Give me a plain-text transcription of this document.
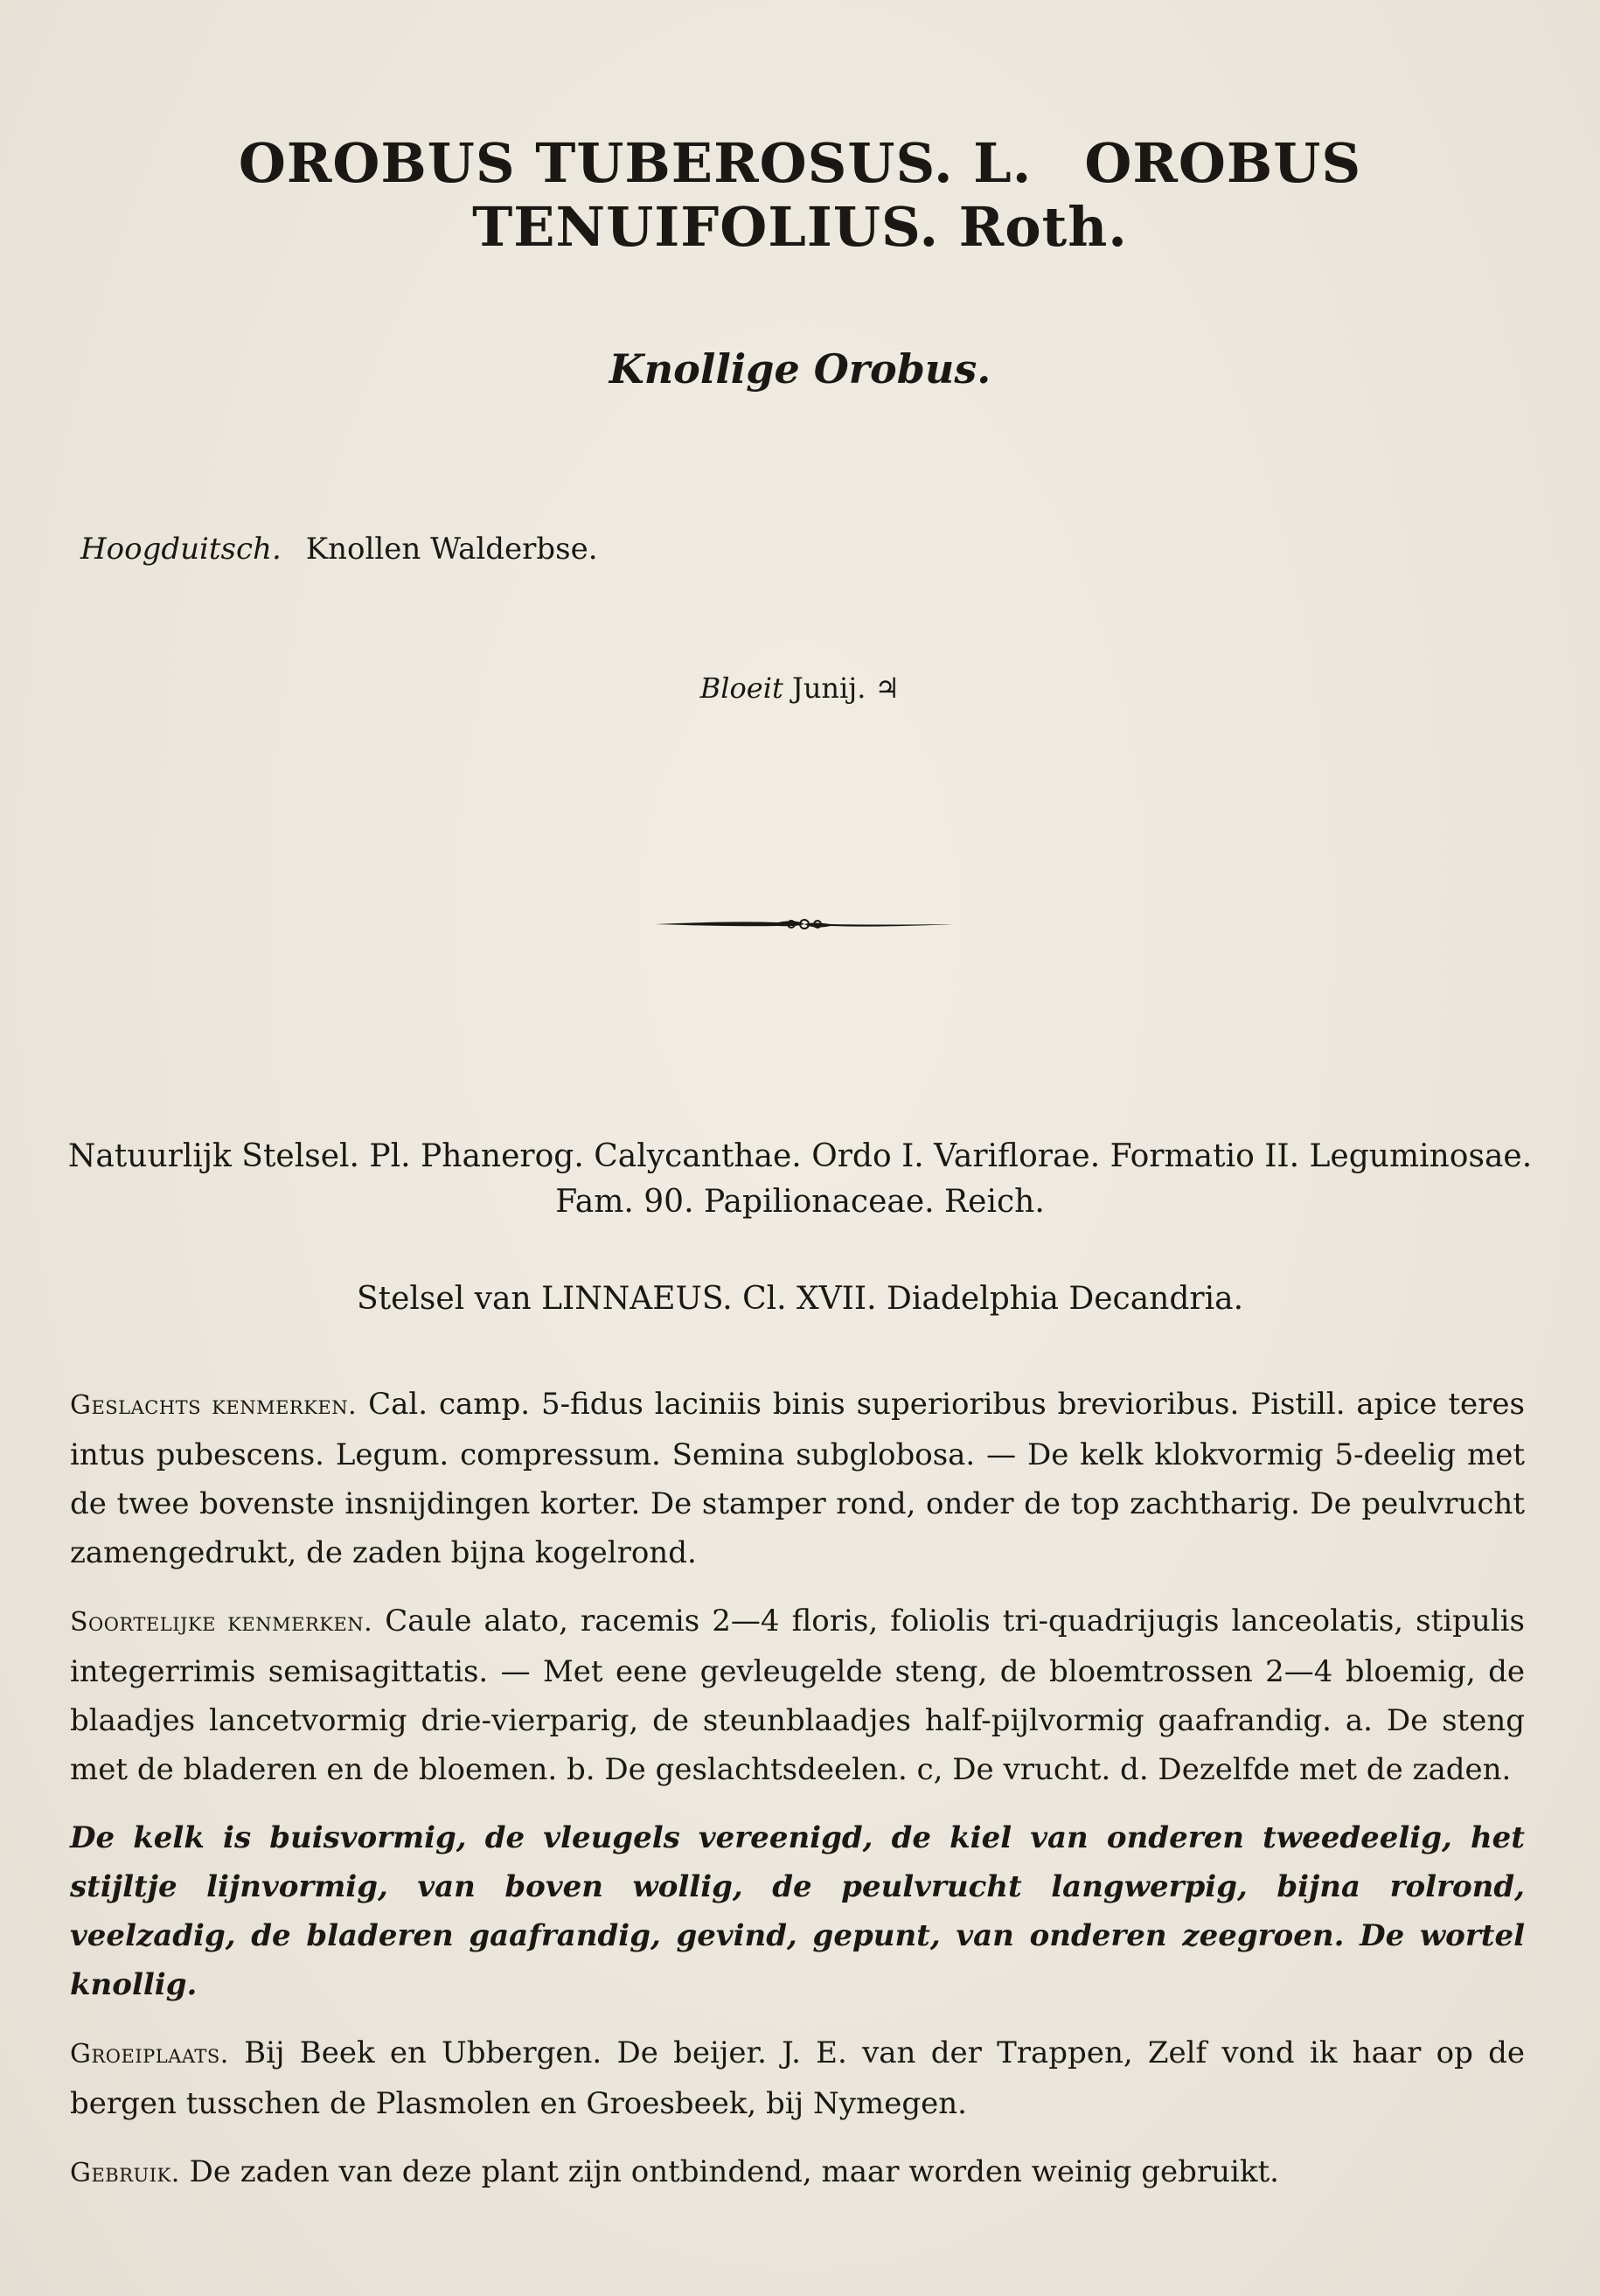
OROBUS TUBEROSUS. L. OROBUS TENUIFOLIUS. Roth.
Knollige Orobus.
Hoogduitsch. Knollen Walderbse.
Bloeit Junij. ♃
Natuurlijk Stelsel. Pl. Phanerog. Calycanthae. Ordo I. Variflorae. Formatio II. Leguminosae.
Fam. 90. Papilionaceae. Reich.
Stelsel van LINNAEUS. Cl. XVII. Diadelphia Decandria.

Geslachts kenmerken. Cal. camp. 5-fidus laciniis binis superioribus brevioribus. Pistill. apice teres intus pubescens. Legum. compressum. Semina subglobosa. — De kelk klokvormig 5-deelig met de twee bovenste insnijdingen korter. De stamper rond, onder de top zachtharig. De peulvrucht zamengedrukt, de zaden bijna kogelrond.

Soortelijke kenmerken. Caule alato, racemis 2—4 floris, foliolis tri-quadrijugis lanceolatis, stipulis integerrimis semisagittatis. — Met eene gevleugelde steng, de bloemtrossen 2—4 bloemig, de blaadjes lancetvormig drie-vierparig, de steunblaadjes half-pijlvormig gaafrandig. a. De steng met de bladeren en de bloemen. b. De geslachtsdeelen. c, De vrucht. d. Dezelfde met de zaden.

De kelk is buisvormig, de vleugels vereenigd, de kiel van onderen tweedeelig, het stijltje lijnvormig, van boven wollig, de peulvrucht langwerpig, bijna rolrond, veelzadig, de bladeren gaafrandig, gevind, gepunt, van onderen zeegroen. De wortel knollig.

Groeiplaats. Bij Beek en Ubbergen. De beijer. J. E. van der Trappen, Zelf vond ik haar op de bergen tusschen de Plasmolen en Groesbeek, bij Nymegen.

Gebruik. De zaden van deze plant zijn ontbindend, maar worden weinig gebruikt.
